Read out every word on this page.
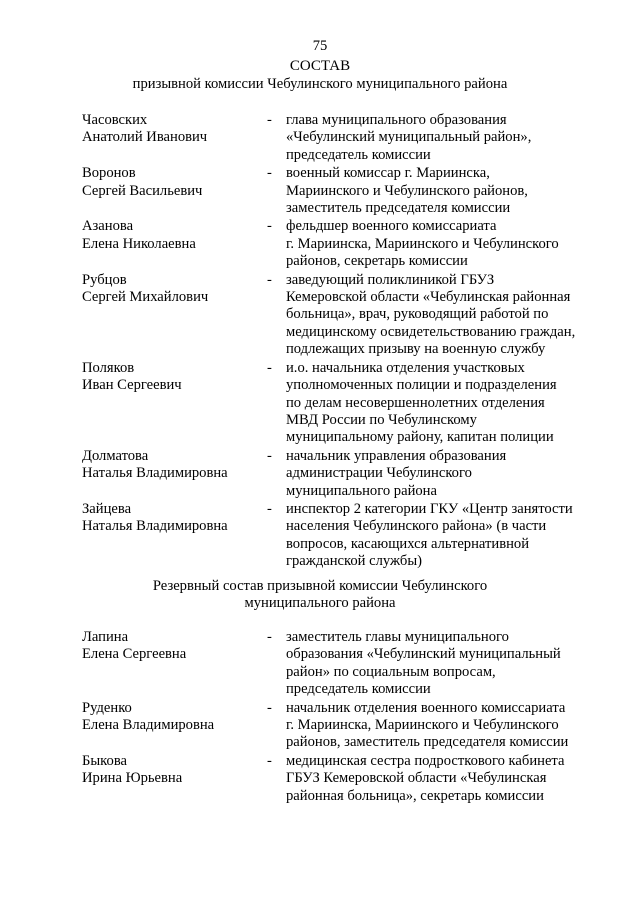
75
СОСТАВ
призывной комиссии Чебулинского муниципального района
Часовских
Анатолий Иванович
- глава муниципального образования
«Чебулинский муниципальный район»,
председатель комиссии
Воронов
Сергей Васильевич
- военный комиссар г. Мариинска,
Мариинского и Чебулинского районов,
заместитель председателя комиссии
Азанова
Елена Николаевна
- фельдшер военного комиссариата
г. Мариинска, Мариинского и Чебулинского
районов, секретарь комиссии
Рубцов
Сергей Михайлович
- заведующий поликлиникой ГБУЗ
Кемеровской области «Чебулинская районная
больница», врач, руководящий работой по
медицинскому освидетельствованию граждан,
подлежащих призыву на военную службу
Поляков
Иван Сергеевич
- и.о. начальника отделения участковых
уполномоченных полиции и подразделения
по делам несовершеннолетних отделения
МВД России по Чебулинскому
муниципальному району, капитан полиции
Долматова
Наталья Владимировна
- начальник управления образования
администрации Чебулинского
муниципального района
Зайцева
Наталья Владимировна
- инспектор 2 категории ГКУ «Центр занятости
населения Чебулинского района» (в части
вопросов, касающихся альтернативной
гражданской службы)
Резервный состав призывной комиссии Чебулинского
муниципального района
Лапина
Елена Сергеевна
- заместитель главы муниципального
образования «Чебулинский муниципальный
район» по социальным вопросам,
председатель комиссии
Руденко
Елена Владимировна
- начальник отделения военного комиссариата
г. Мариинска, Мариинского и Чебулинского
районов, заместитель председателя комиссии
Быкова
Ирина Юрьевна
- медицинская сестра подросткового кабинета
ГБУЗ Кемеровской области «Чебулинская
районная больница», секретарь комиссии
